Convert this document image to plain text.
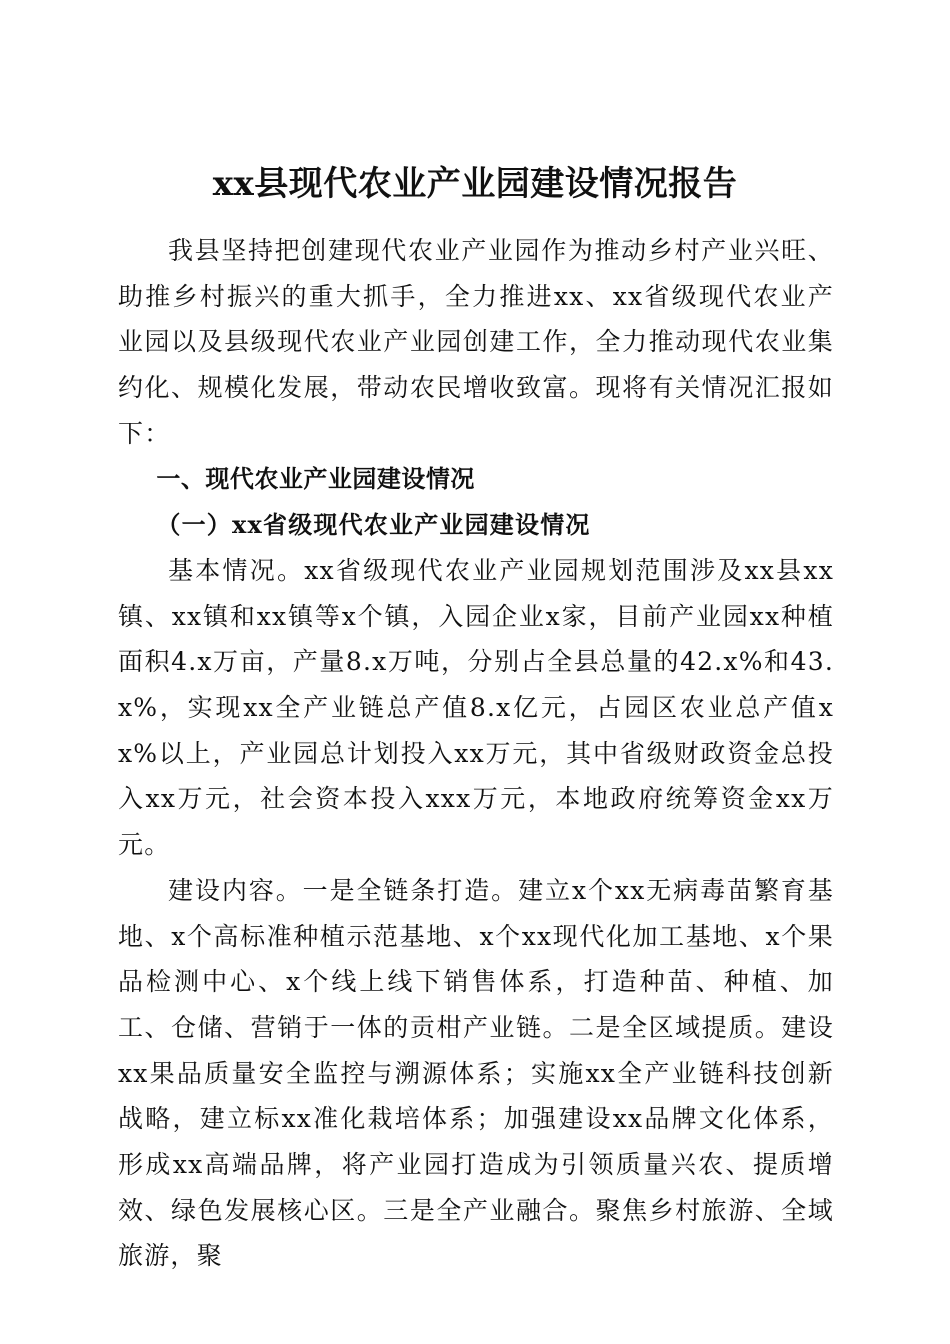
xx县现代农业产业园建设情况报告

我县坚持把创建现代农业产业园作为推动乡村产业兴旺、助推乡村振兴的重大抓手，全力推进xx、xx省级现代农业产业园以及县级现代农业产业园创建工作，全力推动现代农业集约化、规模化发展，带动农民增收致富。现将有关情况汇报如下：

一、现代农业产业园建设情况

（一）xx省级现代农业产业园建设情况

基本情况。xx省级现代农业产业园规划范围涉及xx县xx镇、xx镇和xx镇等x个镇，入园企业x家，目前产业园xx种植面积4.x万亩，产量8.x万吨，分别占全县总量的42.x%和43.x%，实现xx全产业链总产值8.x亿元，占园区农业总产值xx%以上，产业园总计划投入xx万元，其中省级财政资金总投入xx万元，社会资本投入xxx万元，本地政府统筹资金xx万元。

建设内容。一是全链条打造。建立x个xx无病毒苗繁育基地、x个高标准种植示范基地、x个xx现代化加工基地、x个果品检测中心、x个线上线下销售体系，打造种苗、种植、加工、仓储、营销于一体的贡柑产业链。二是全区域提质。建设xx果品质量安全监控与溯源体系；实施xx全产业链科技创新战略，建立标xx准化栽培体系；加强建设xx品牌文化体系，形成xx高端品牌，将产业园打造成为引领质量兴农、提质增效、绿色发展核心区。三是全产业融合。聚焦乡村旅游、全域旅游，聚
